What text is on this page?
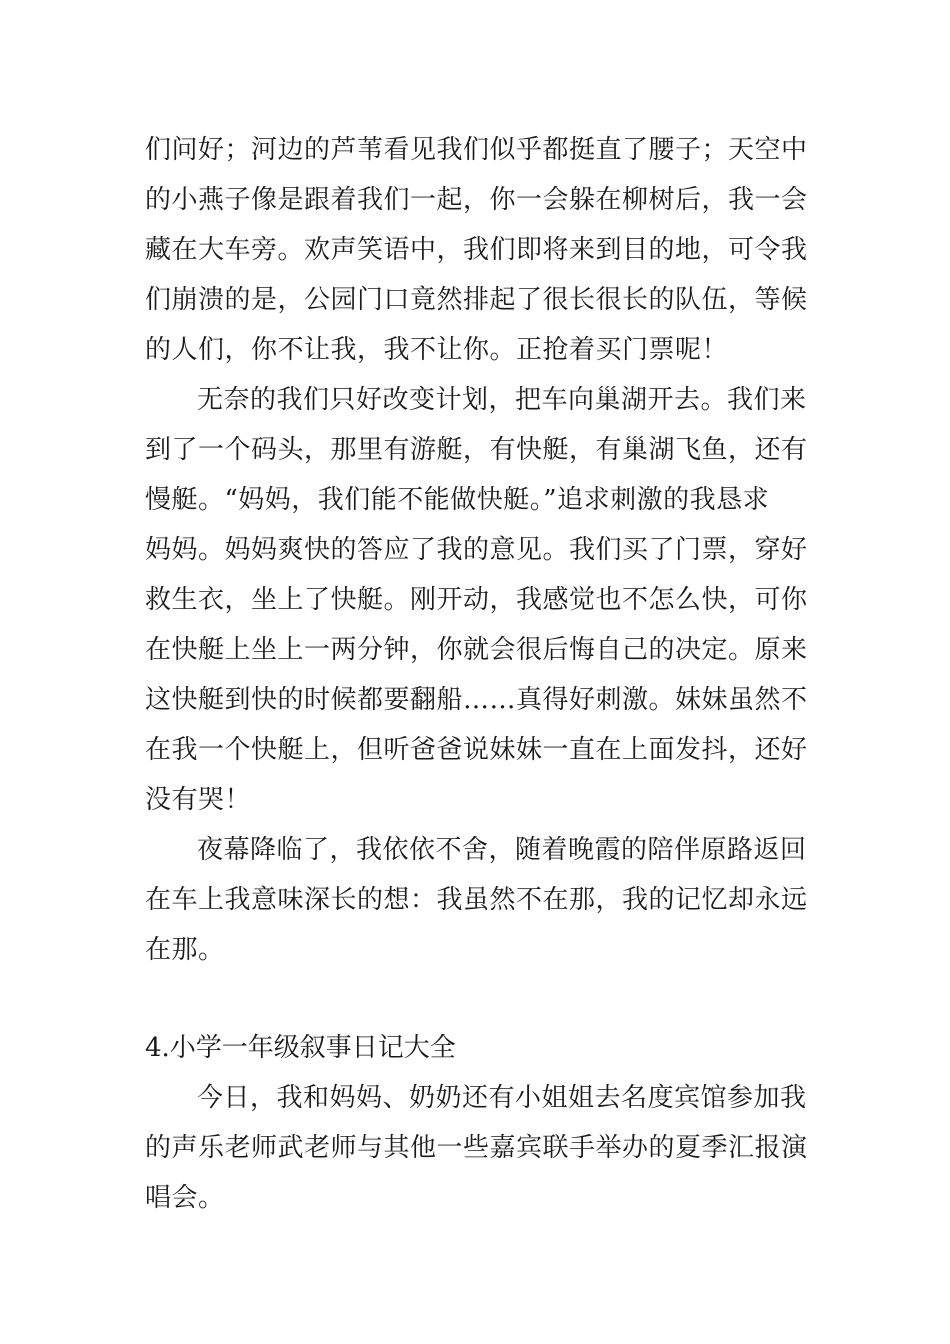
们问好；河边的芦苇看见我们似乎都挺直了腰子；天空中
的小燕子像是跟着我们一起，你一会躲在柳树后，我一会
藏在大车旁。欢声笑语中，我们即将来到目的地，可令我
们崩溃的是，公园门口竟然排起了很长很长的队伍，等候
的人们，你不让我，我不让你。正抢着买门票呢！
无奈的我们只好改变计划，把车向巢湖开去。我们来
到了一个码头，那里有游艇，有快艇，有巢湖飞鱼，还有
慢艇。“妈妈，我们能不能做快艇。”追求刺激的我恳求
妈妈。妈妈爽快的答应了我的意见。我们买了门票，穿好
救生衣，坐上了快艇。刚开动，我感觉也不怎么快，可你
在快艇上坐上一两分钟，你就会很后悔自己的决定。原来
这快艇到快的时候都要翻船……真得好刺激。妹妹虽然不
在我一个快艇上，但听爸爸说妹妹一直在上面发抖，还好
没有哭！
夜幕降临了，我依依不舍，随着晚霞的陪伴原路返回
在车上我意味深长的想：我虽然不在那，我的记忆却永远
在那。
4.小学一年级叙事日记大全
今日，我和妈妈、奶奶还有小姐姐去名度宾馆参加我
的声乐老师武老师与其他一些嘉宾联手举办的夏季汇报演
唱会。
